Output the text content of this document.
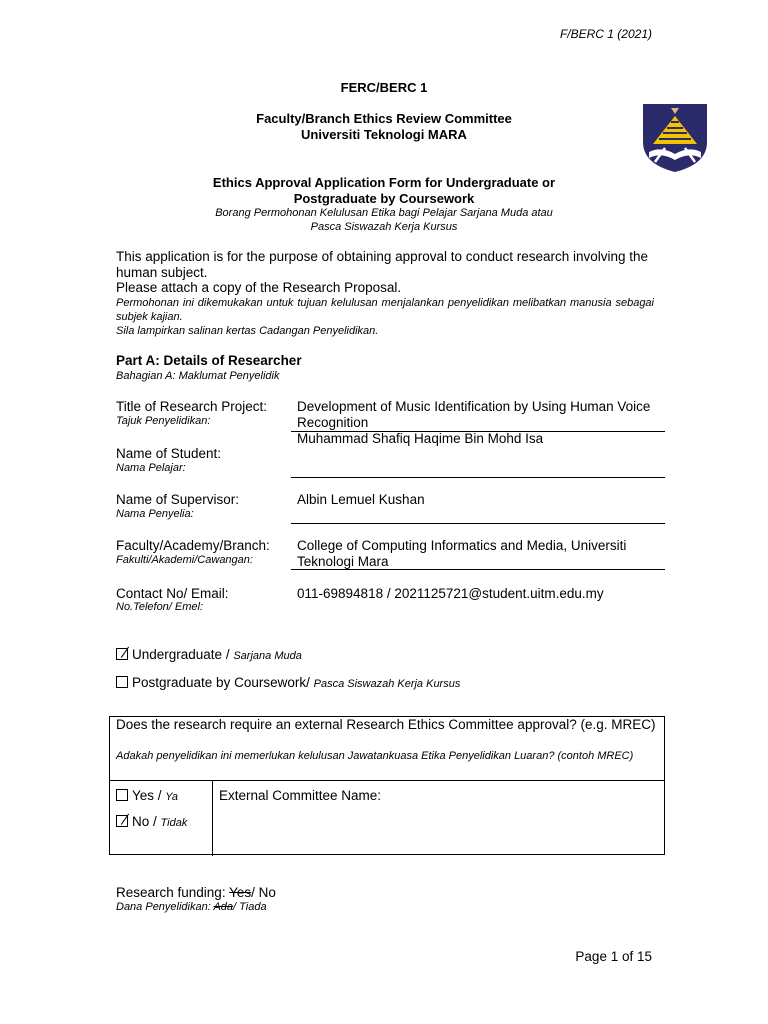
F/BERC 1 (2021)
FERC/BERC 1
Faculty/Branch Ethics Review Committee
Universiti Teknologi MARA
Ethics Approval Application Form for Undergraduate or
Postgraduate by Coursework
Borang Permohonan Kelulusan Etika bagi Pelajar Sarjana Muda atau
Pasca Siswazah Kerja Kursus
This application is for the purpose of obtaining approval to conduct research involving the human subject.
Please attach a copy of the Research Proposal.
Permohonan ini dikemukakan untuk tujuan kelulusan menjalankan penyelidikan melibatkan manusia sebagai subjek kajian.
Sila lampirkan salinan kertas Cadangan Penyelidikan.
Part A: Details of Researcher
Bahagian A: Maklumat Penyelidik
Title of Research Project:
Tajuk Penyelidikan:
Development of Music Identification by Using Human Voice Recognition
Muhammad Shafiq Haqime Bin Mohd Isa
Name of Student:
Nama Pelajar:
Name of Supervisor:
Nama Penyelia:
Albin Lemuel Kushan
Faculty/Academy/Branch:
Fakulti/Akademi/Cawangan:
College of Computing Informatics and Media, Universiti Teknologi Mara
Contact No/ Email:
No.Telefon/ Emel:
011-69894818 / 2021125721@student.uitm.edu.my
Undergraduate / Sarjana Muda
Postgraduate by Coursework/ Pasca Siswazah Kerja Kursus
Does the research require an external Research Ethics Committee approval? (e.g. MREC)
Adakah penyelidikan ini memerlukan kelulusan Jawatankuasa Etika Penyelidikan Luaran? (contoh MREC)
Yes / Ya
No / Tidak
External Committee Name:
Research funding: Yes/ No
Dana Penyelidikan: Ada/ Tiada
Page 1 of 15
